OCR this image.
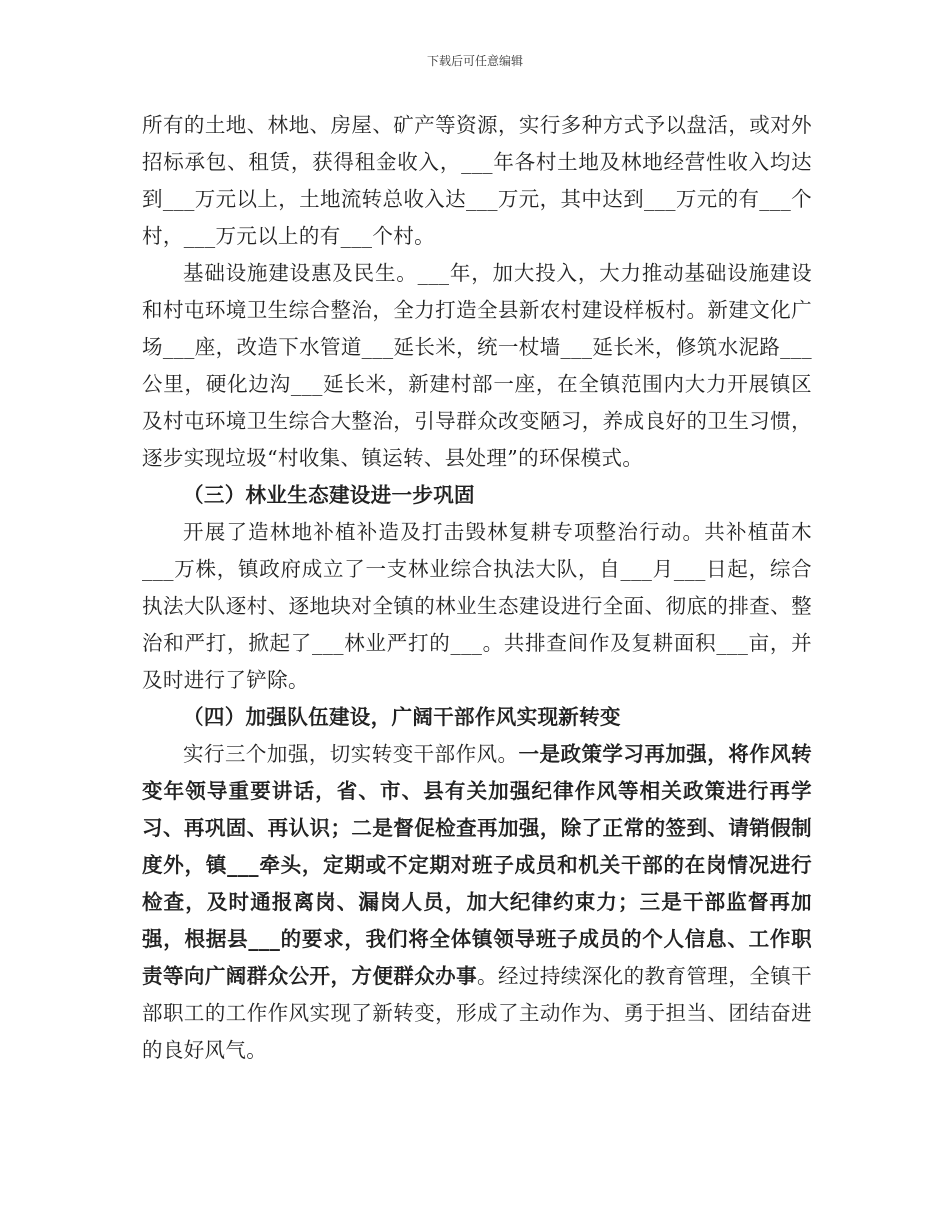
下载后可任意编辑

所有的土地、林地、房屋、矿产等资源，实行多种方式予以盘活，或对外招标承包、租赁，获得租金收入，___年各村土地及林地经营性收入均达到___万元以上，土地流转总收入达___万元，其中达到___万元的有___个村，___万元以上的有___个村。

基础设施建设惠及民生。___年，加大投入，大力推动基础设施建设和村屯环境卫生综合整治，全力打造全县新农村建设样板村。新建文化广场___座，改造下水管道___延长米，统一杖墙___延长米，修筑水泥路___公里，硬化边沟___延长米，新建村部一座，在全镇范围内大力开展镇区及村屯环境卫生综合大整治，引导群众改变陋习，养成良好的卫生习惯，逐步实现垃圾“村收集、镇运转、县处理”的环保模式。

（三）林业生态建设进一步巩固

开展了造林地补植补造及打击毁林复耕专项整治行动。共补植苗木___万株，镇政府成立了一支林业综合执法大队，自___月___日起，综合执法大队逐村、逐地块对全镇的林业生态建设进行全面、彻底的排查、整治和严打，掀起了___林业严打的___。共排查间作及复耕面积___亩，并及时进行了铲除。

（四）加强队伍建设，广阔干部作风实现新转变

实行三个加强，切实转变干部作风。一是政策学习再加强，将作风转变年领导重要讲话，省、市、县有关加强纪律作风等相关政策进行再学习、再巩固、再认识；二是督促检查再加强，除了正常的签到、请销假制度外，镇___牵头，定期或不定期对班子成员和机关干部的在岗情况进行检查，及时通报离岗、漏岗人员，加大纪律约束力；三是干部监督再加强，根据县___的要求，我们将全体镇领导班子成员的个人信息、工作职责等向广阔群众公开，方便群众办事。经过持续深化的教育管理，全镇干部职工的工作作风实现了新转变，形成了主动作为、勇于担当、团结奋进的良好风气。
